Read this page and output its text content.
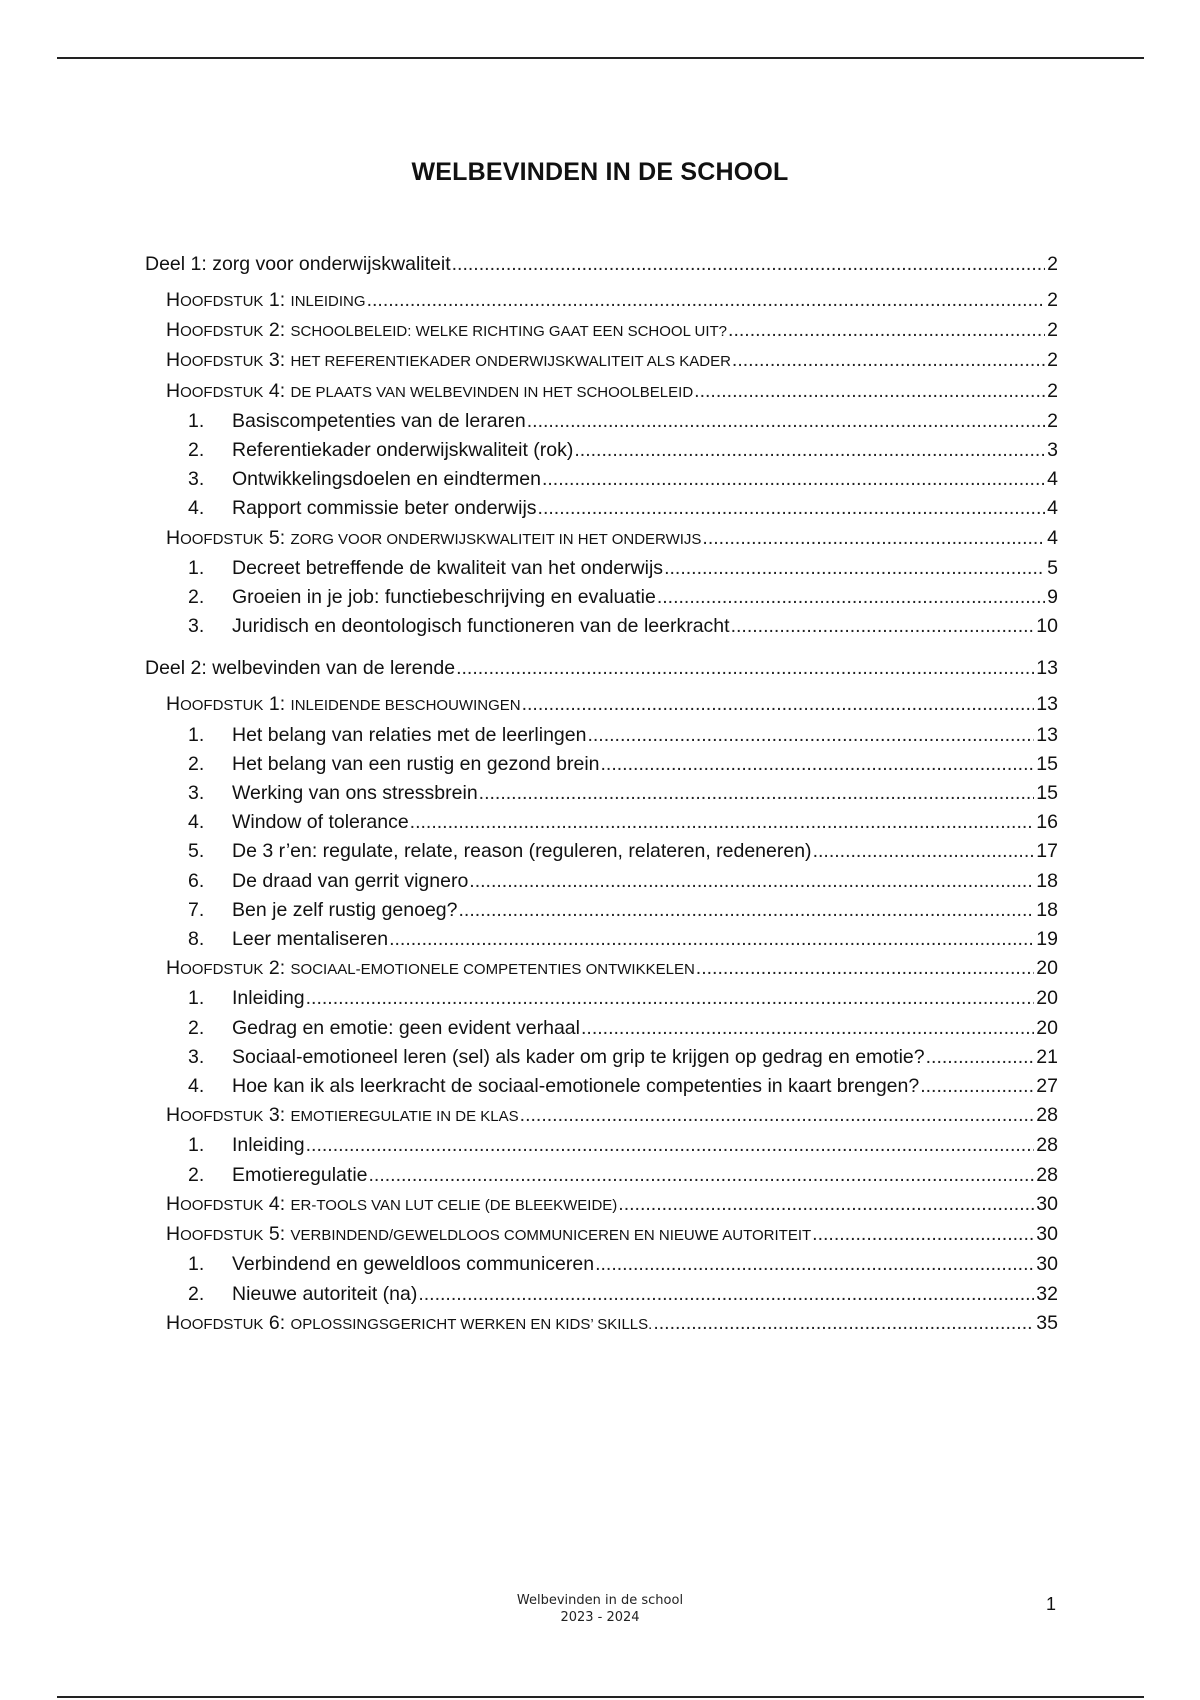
WELBEVINDEN IN DE SCHOOL
Deel 1: zorg voor onderwijskwaliteit .....	2
HOOFDSTUK 1: INLEIDING .....	2
HOOFDSTUK 2: SCHOOLBELEID: WELKE RICHTING GAAT EEN SCHOOL UIT? .....	2
HOOFDSTUK 3: HET REFERENTIEKADER ONDERWIJSKWALITEIT ALS KADER .....	2
HOOFDSTUK 4: DE PLAATS VAN WELBEVINDEN IN HET SCHOOLBELEID .....	2
1. Basiscompetenties van de leraren .....	2
2. Referentiekader onderwijskwaliteit (rok) .....	3
3. Ontwikkelingsdoelen en eindtermen .....	4
4. Rapport commissie beter onderwijs .....	4
HOOFDSTUK 5: ZORG VOOR ONDERWIJSKWALITEIT IN HET ONDERWIJS .....	4
1. Decreet betreffende de kwaliteit van het onderwijs .....	5
2. Groeien in je job: functiebeschrijving en evaluatie .....	9
3. Juridisch en deontologisch functioneren van de leerkracht .....	10
Deel 2: welbevinden van de lerende .....	13
HOOFDSTUK 1: INLEIDENDE BESCHOUWINGEN .....	13
1. Het belang van relaties met de leerlingen .....	13
2. Het belang van een rustig en gezond brein .....	15
3. Werking van ons stressbrein .....	15
4. Window of tolerance .....	16
5. De 3 r’en: regulate, relate, reason (reguleren, relateren, redeneren) .....	17
6. De draad van gerrit vignero .....	18
7. Ben je zelf rustig genoeg? .....	18
8. Leer mentaliseren .....	19
HOOFDSTUK 2: SOCIAAL-EMOTIONELE COMPETENTIES ONTWIKKELEN .....	20
1. Inleiding .....	20
2. Gedrag en emotie: geen evident verhaal .....	20
3. Sociaal-emotioneel leren (sel) als kader om grip te krijgen op gedrag en emotie? .....	21
4. Hoe kan ik als leerkracht de sociaal-emotionele competenties in kaart brengen? .....	27
HOOFDSTUK 3: EMOTIEREGULATIE IN DE KLAS .....	28
1. Inleiding .....	28
2. Emotieregulatie .....	28
HOOFDSTUK 4: ER-TOOLS VAN LUT CELIE (DE BLEEKWEIDE) .....	30
HOOFDSTUK 5: VERBINDEND/GEWELDLOOS COMMUNICEREN EN NIEUWE AUTORITEIT .....	30
1. Verbindend en geweldloos communiceren .....	30
2. Nieuwe autoriteit (na) .....	32
HOOFDSTUK 6: OPLOSSINGSGERICHT WERKEN EN KIDS’ SKILLS. .....	35
Welbevinden in de school
2023 - 2024
1
